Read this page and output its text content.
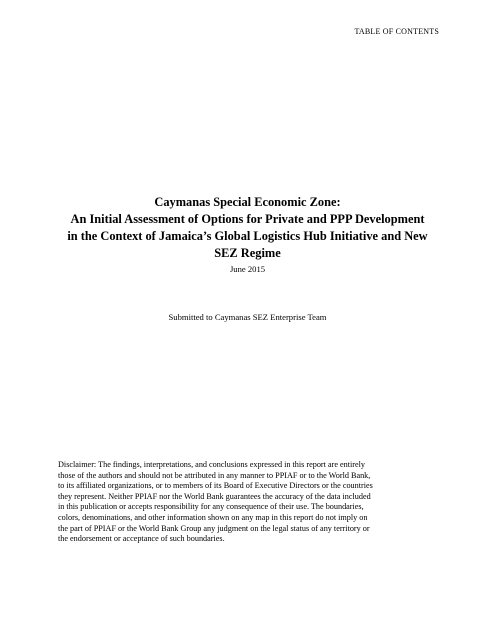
TABLE OF CONTENTS
Caymanas Special Economic Zone:
An Initial Assessment of Options for Private and PPP Development
in the Context of Jamaica’s Global Logistics Hub Initiative and New
SEZ Regime
June 2015
Submitted to Caymanas SEZ Enterprise Team
Disclaimer: The findings, interpretations, and conclusions expressed in this report are entirely
those of the authors and should not be attributed in any manner to PPIAF or to the World Bank,
to its affiliated organizations, or to members of its Board of Executive Directors or the countries
they represent. Neither PPIAF nor the World Bank guarantees the accuracy of the data included
in this publication or accepts responsibility for any consequence of their use. The boundaries,
colors, denominations, and other information shown on any map in this report do not imply on
the part of PPIAF or the World Bank Group any judgment on the legal status of any territory or
the endorsement or acceptance of such boundaries.
